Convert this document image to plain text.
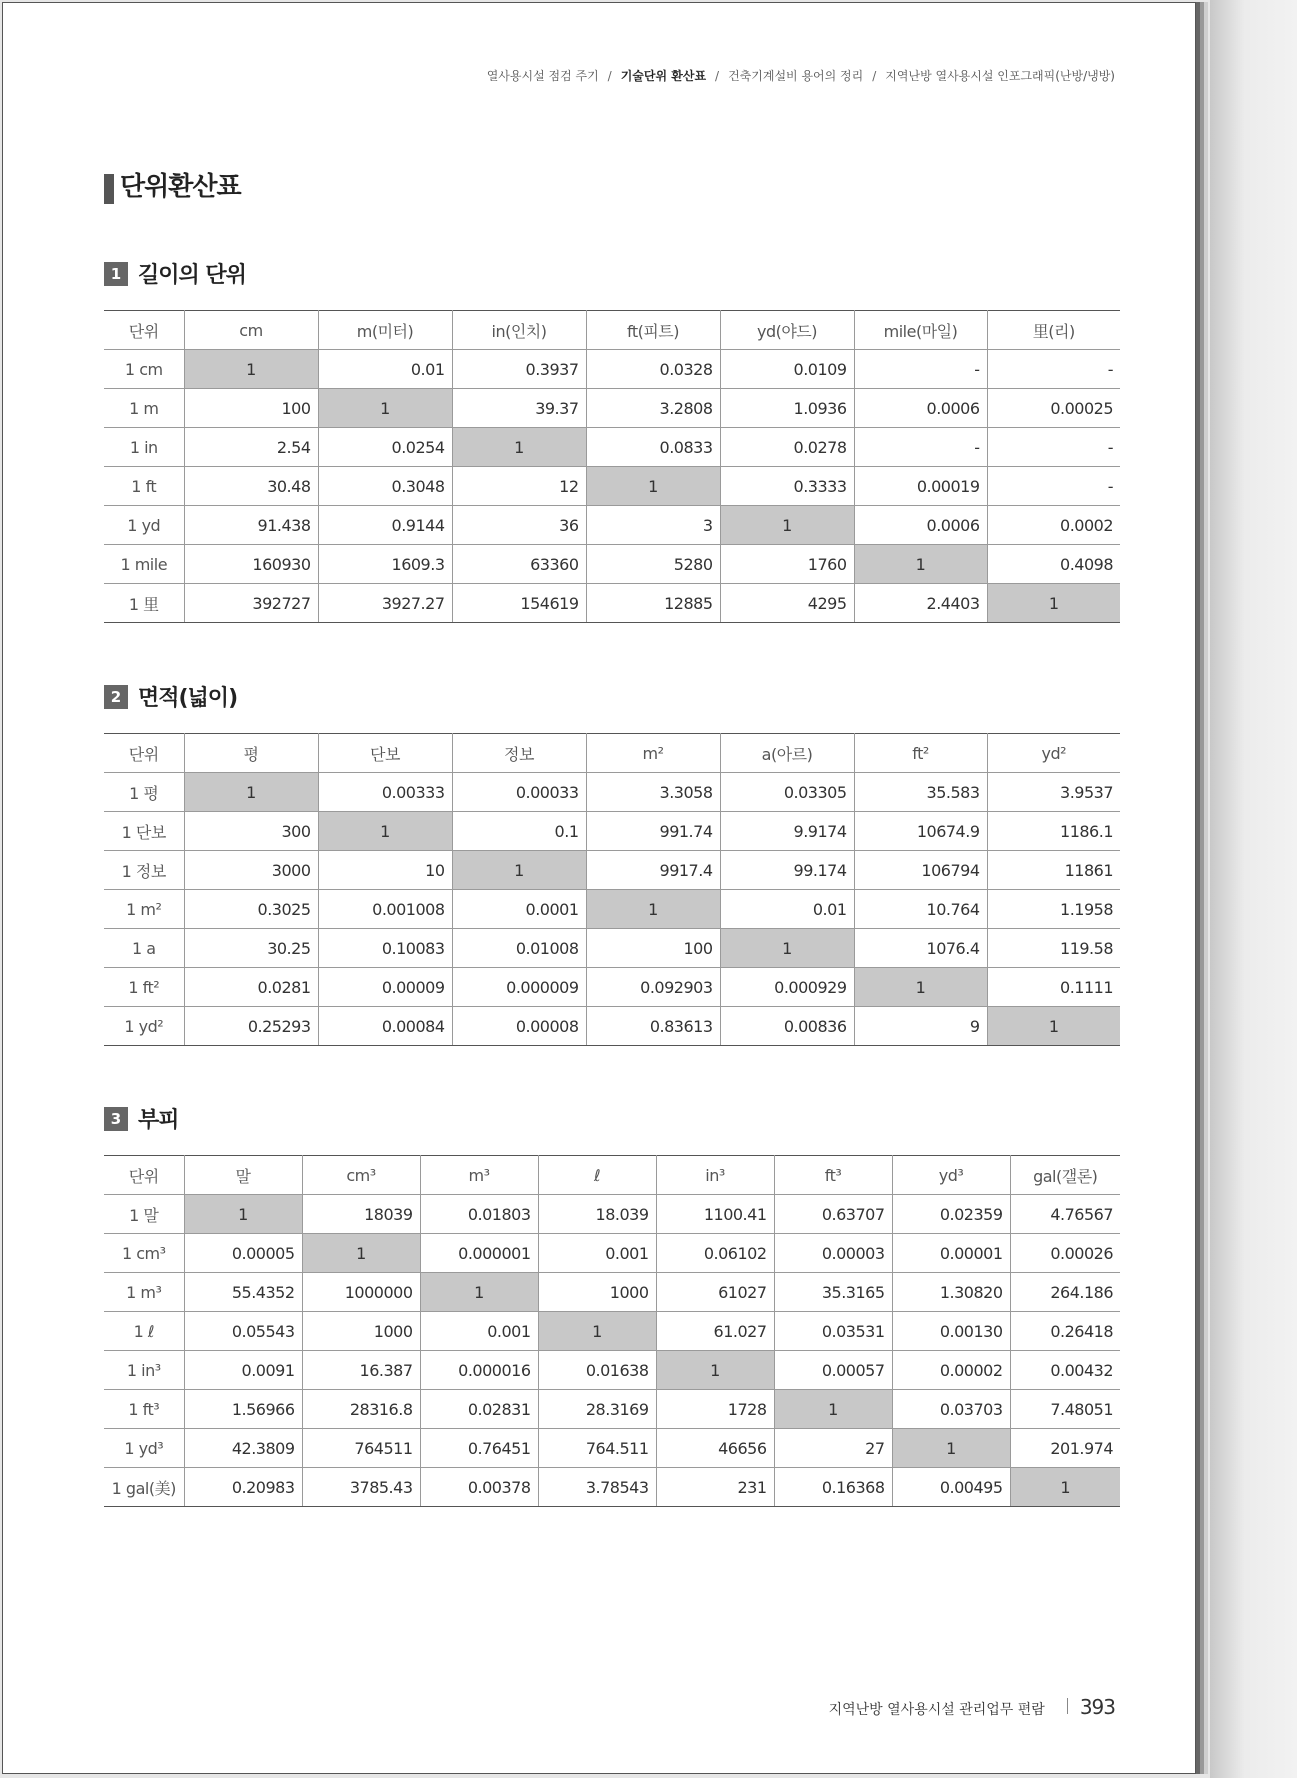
열사용시설 점검 주기 / 기술단위 환산표 / 건축기계설비 용어의 정리 / 지역난방 열사용시설 인포그래픽(난방/냉방)
단위환산표
1 길이의 단위
단위	cm	m(미터)	in(인치)	ft(피트)	yd(야드)	mile(마일)	里(리)
1 cm	1	0.01	0.3937	0.0328	0.0109	-	-
1 m	100	1	39.37	3.2808	1.0936	0.0006	0.00025
1 in	2.54	0.0254	1	0.0833	0.0278	-	-
1 ft	30.48	0.3048	12	1	0.3333	0.00019	-
1 yd	91.438	0.9144	36	3	1	0.0006	0.0002
1 mile	160930	1609.3	63360	5280	1760	1	0.4098
1 里	392727	3927.27	154619	12885	4295	2.4403	1
2 면적(넓이)
단위	평	단보	정보	m²	a(아르)	ft²	yd²
1 평	1	0.00333	0.00033	3.3058	0.03305	35.583	3.9537
1 단보	300	1	0.1	991.74	9.9174	10674.9	1186.1
1 정보	3000	10	1	9917.4	99.174	106794	11861
1 m²	0.3025	0.001008	0.0001	1	0.01	10.764	1.1958
1 a	30.25	0.10083	0.01008	100	1	1076.4	119.58
1 ft²	0.0281	0.00009	0.000009	0.092903	0.000929	1	0.1111
1 yd²	0.25293	0.00084	0.00008	0.83613	0.00836	9	1
3 부피
단위	말	cm³	m³	ℓ	in³	ft³	yd³	gal(갤론)
1 말	1	18039	0.01803	18.039	1100.41	0.63707	0.02359	4.76567
1 cm³	0.00005	1	0.000001	0.001	0.06102	0.00003	0.00001	0.00026
1 m³	55.4352	1000000	1	1000	61027	35.3165	1.30820	264.186
1 ℓ	0.05543	1000	0.001	1	61.027	0.03531	0.00130	0.26418
1 in³	0.0091	16.387	0.000016	0.01638	1	0.00057	0.00002	0.00432
1 ft³	1.56966	28316.8	0.02831	28.3169	1728	1	0.03703	7.48051
1 yd³	42.3809	764511	0.76451	764.511	46656	27	1	201.974
1 gal(美)	0.20983	3785.43	0.00378	3.78543	231	0.16368	0.00495	1
지역난방 열사용시설 관리업무 편람 393
